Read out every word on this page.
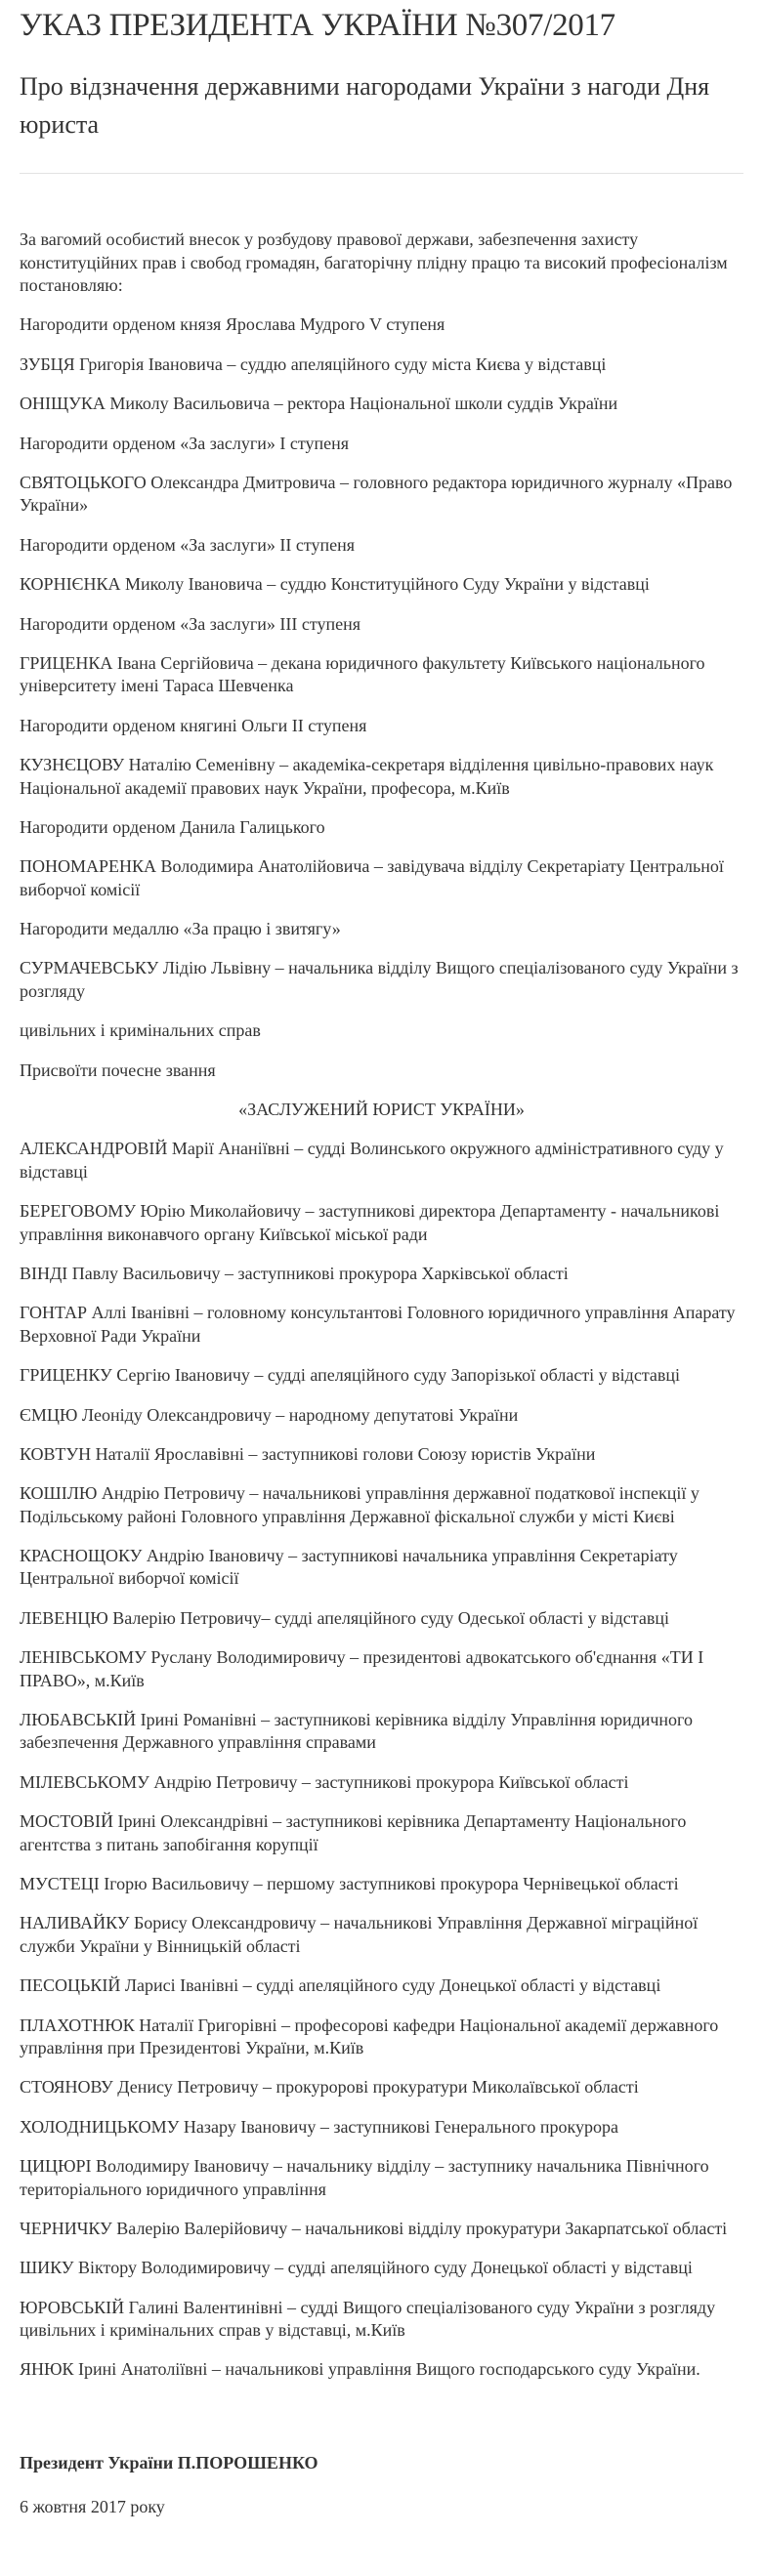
УКАЗ ПРЕЗИДЕНТА УКРАЇНИ №307/2017
Про відзначення державними нагородами України з нагоди Дня юриста

За вагомий особистий внесок у розбудову правової держави, забезпечення захисту конституційних прав і свобод громадян, багаторічну плідну працю та високий професіоналізм постановляю:

Нагородити орденом князя Ярослава Мудрого V ступеня

ЗУБЦЯ Григорія Івановича – суддю апеляційного суду міста Києва у відставці

ОНІЩУКА Миколу Васильовича – ректора Національної школи суддів України

Нагородити орденом «За заслуги» I ступеня

СВЯТОЦЬКОГО Олександра Дмитровича – головного редактора юридичного журналу «Право України»

Нагородити орденом «За заслуги» II ступеня

КОРНІЄНКА Миколу Івановича – суддю Конституційного Суду України у відставці

Нагородити орденом «За заслуги» III ступеня

ГРИЦЕНКА Івана Сергійовича – декана юридичного факультету Київського національного університету імені Тараса Шевченка

Нагородити орденом княгині Ольги II ступеня

КУЗНЄЦОВУ Наталію Семенівну – академіка-секретаря відділення цивільно-правових наук Національної академії правових наук України, професора, м.Київ

Нагородити орденом Данила Галицького

ПОНОМАРЕНКА Володимира Анатолійовича – завідувача відділу Секретаріату Центральної виборчої комісії

Нагородити медаллю «За працю і звитягу»

СУРМАЧЕВСЬКУ Лідію Львівну – начальника відділу Вищого спеціалізованого суду України з розгляду

цивільних і кримінальних справ

Присвоїти почесне звання

«ЗАСЛУЖЕНИЙ ЮРИСТ УКРАЇНИ»

АЛЕКСАНДРОВІЙ Марії Ананіївні – судді Волинського окружного адміністративного суду у відставці

БЕРЕГОВОМУ Юрію Миколайовичу – заступникові директора Департаменту - начальникові управління виконавчого органу Київської міської ради

ВІНДІ Павлу Васильовичу – заступникові прокурора Харківської області

ГОНТАР Аллі Іванівні – головному консультантові Головного юридичного управління Апарату Верховної Ради України

ГРИЦЕНКУ Сергію Івановичу – судді апеляційного суду Запорізької області у відставці

ЄМЦЮ Леоніду Олександровичу – народному депутатові України

КОВТУН Наталії Ярославівні – заступникові голови Союзу юристів України

КОШІЛЮ Андрію Петровичу – начальникові управління державної податкової інспекції у Подільському районі Головного управління Державної фіскальної служби у місті Києві

КРАСНОЩОКУ Андрію Івановичу – заступникові начальника управління Секретаріату Центральної виборчої комісії

ЛЕВЕНЦЮ Валерію Петровичу– судді апеляційного суду Одеської області у відставці

ЛЕНІВСЬКОМУ Руслану Володимировичу – президентові адвокатського об'єднання «ТИ І ПРАВО», м.Київ

ЛЮБАВСЬКІЙ Ірині Романівні – заступникові керівника відділу Управління юридичного забезпечення Державного управління справами

МІЛЕВСЬКОМУ Андрію Петровичу – заступникові прокурора Київської області

МОСТОВІЙ Ірині Олександрівні – заступникові керівника Департаменту Національного агентства з питань запобігання корупції

МУСТЕЦІ Ігорю Васильовичу – першому заступникові прокурора Чернівецької області

НАЛИВАЙКУ Борису Олександровичу – начальникові Управління Державної міграційної служби України у Вінницькій області

ПЕСОЦЬКІЙ Ларисі Іванівні – судді апеляційного суду Донецької області у відставці

ПЛАХОТНЮК Наталії Григорівні – професорові кафедри Національної академії державного управління при Президентові України, м.Київ

СТОЯНОВУ Денису Петровичу – прокуророві прокуратури Миколаївської області

ХОЛОДНИЦЬКОМУ Назару Івановичу – заступникові Генерального прокурора

ЦИЦЮРІ Володимиру Івановичу – начальнику відділу – заступнику начальника Північного територіального юридичного управління

ЧЕРНИЧКУ Валерію Валерійовичу – начальникові відділу прокуратури Закарпатської області

ШИКУ Віктору Володимировичу – судді апеляційного суду Донецької області у відставці

ЮРОВСЬКІЙ Галині Валентинівні – судді Вищого спеціалізованого суду України з розгляду цивільних і кримінальних справ у відставці, м.Київ

ЯНЮК Ірині Анатоліївні – начальникові управління Вищого господарського суду України.

Президент України П.ПОРОШЕНКО

6 жовтня 2017 року
